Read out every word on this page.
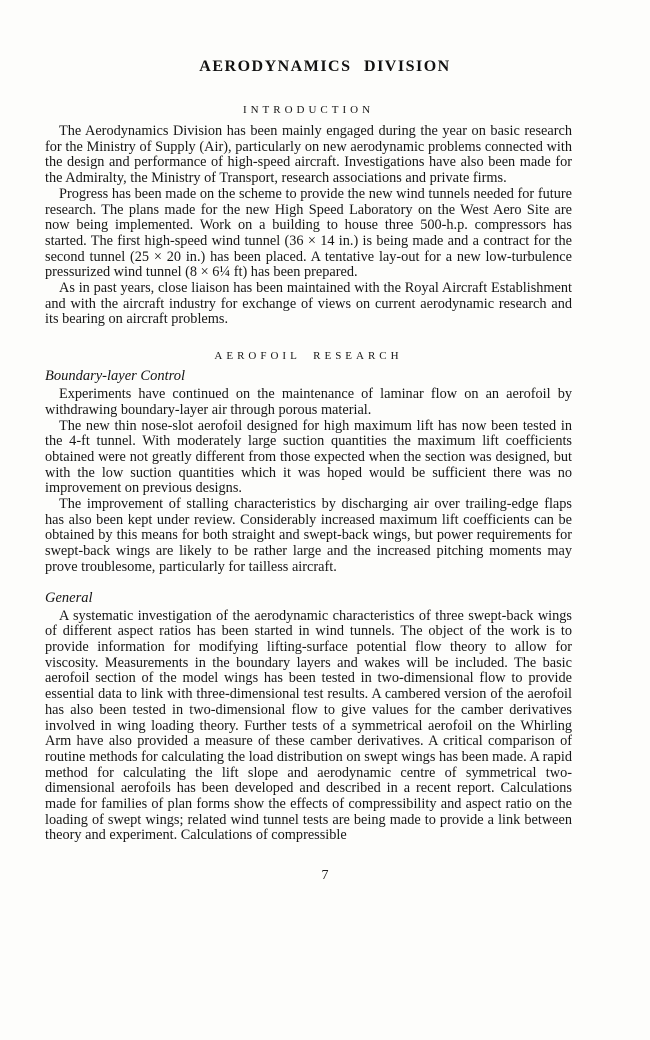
AERODYNAMICS DIVISION
INTRODUCTION

The Aerodynamics Division has been mainly engaged during the year on basic research for the Ministry of Supply (Air), particularly on new aerodynamic problems connected with the design and performance of high-speed aircraft. Investigations have also been made for the Admiralty, the Ministry of Transport, research associations and private firms.

Progress has been made on the scheme to provide the new wind tunnels needed for future research. The plans made for the new High Speed Laboratory on the West Aero Site are now being implemented. Work on a building to house three 500-h.p. compressors has started. The first high-speed wind tunnel (36 × 14 in.) is being made and a contract for the second tunnel (25 × 20 in.) has been placed. A tentative lay-out for a new low-turbulence pressurized wind tunnel (8 × 6¼ ft) has been prepared.

As in past years, close liaison has been maintained with the Royal Aircraft Establishment and with the aircraft industry for exchange of views on current aerodynamic research and its bearing on aircraft problems.

AEROFOIL RESEARCH
Boundary-layer Control

Experiments have continued on the maintenance of laminar flow on an aerofoil by withdrawing boundary-layer air through porous material.

The new thin nose-slot aerofoil designed for high maximum lift has now been tested in the 4-ft tunnel. With moderately large suction quantities the maximum lift coefficients obtained were not greatly different from those expected when the section was designed, but with the low suction quantities which it was hoped would be sufficient there was no improvement on previous designs.

The improvement of stalling characteristics by discharging air over trailing-edge flaps has also been kept under review. Considerably increased maximum lift coefficients can be obtained by this means for both straight and swept-back wings, but power requirements for swept-back wings are likely to be rather large and the increased pitching moments may prove troublesome, particularly for tailless aircraft.

General

A systematic investigation of the aerodynamic characteristics of three swept-back wings of different aspect ratios has been started in wind tunnels. The object of the work is to provide information for modifying lifting-surface potential flow theory to allow for viscosity. Measurements in the boundary layers and wakes will be included. The basic aerofoil section of the model wings has been tested in two-dimensional flow to provide essential data to link with three-dimensional test results. A cambered version of the aerofoil has also been tested in two-dimensional flow to give values for the camber derivatives involved in wing loading theory. Further tests of a symmetrical aerofoil on the Whirling Arm have also provided a measure of these camber derivatives. A critical comparison of routine methods for calculating the load distribution on swept wings has been made. A rapid method for calculating the lift slope and aerodynamic centre of symmetrical two-dimensional aerofoils has been developed and described in a recent report. Calculations made for families of plan forms show the effects of compressibility and aspect ratio on the loading of swept wings; related wind tunnel tests are being made to provide a link between theory and experiment. Calculations of compressible

7
